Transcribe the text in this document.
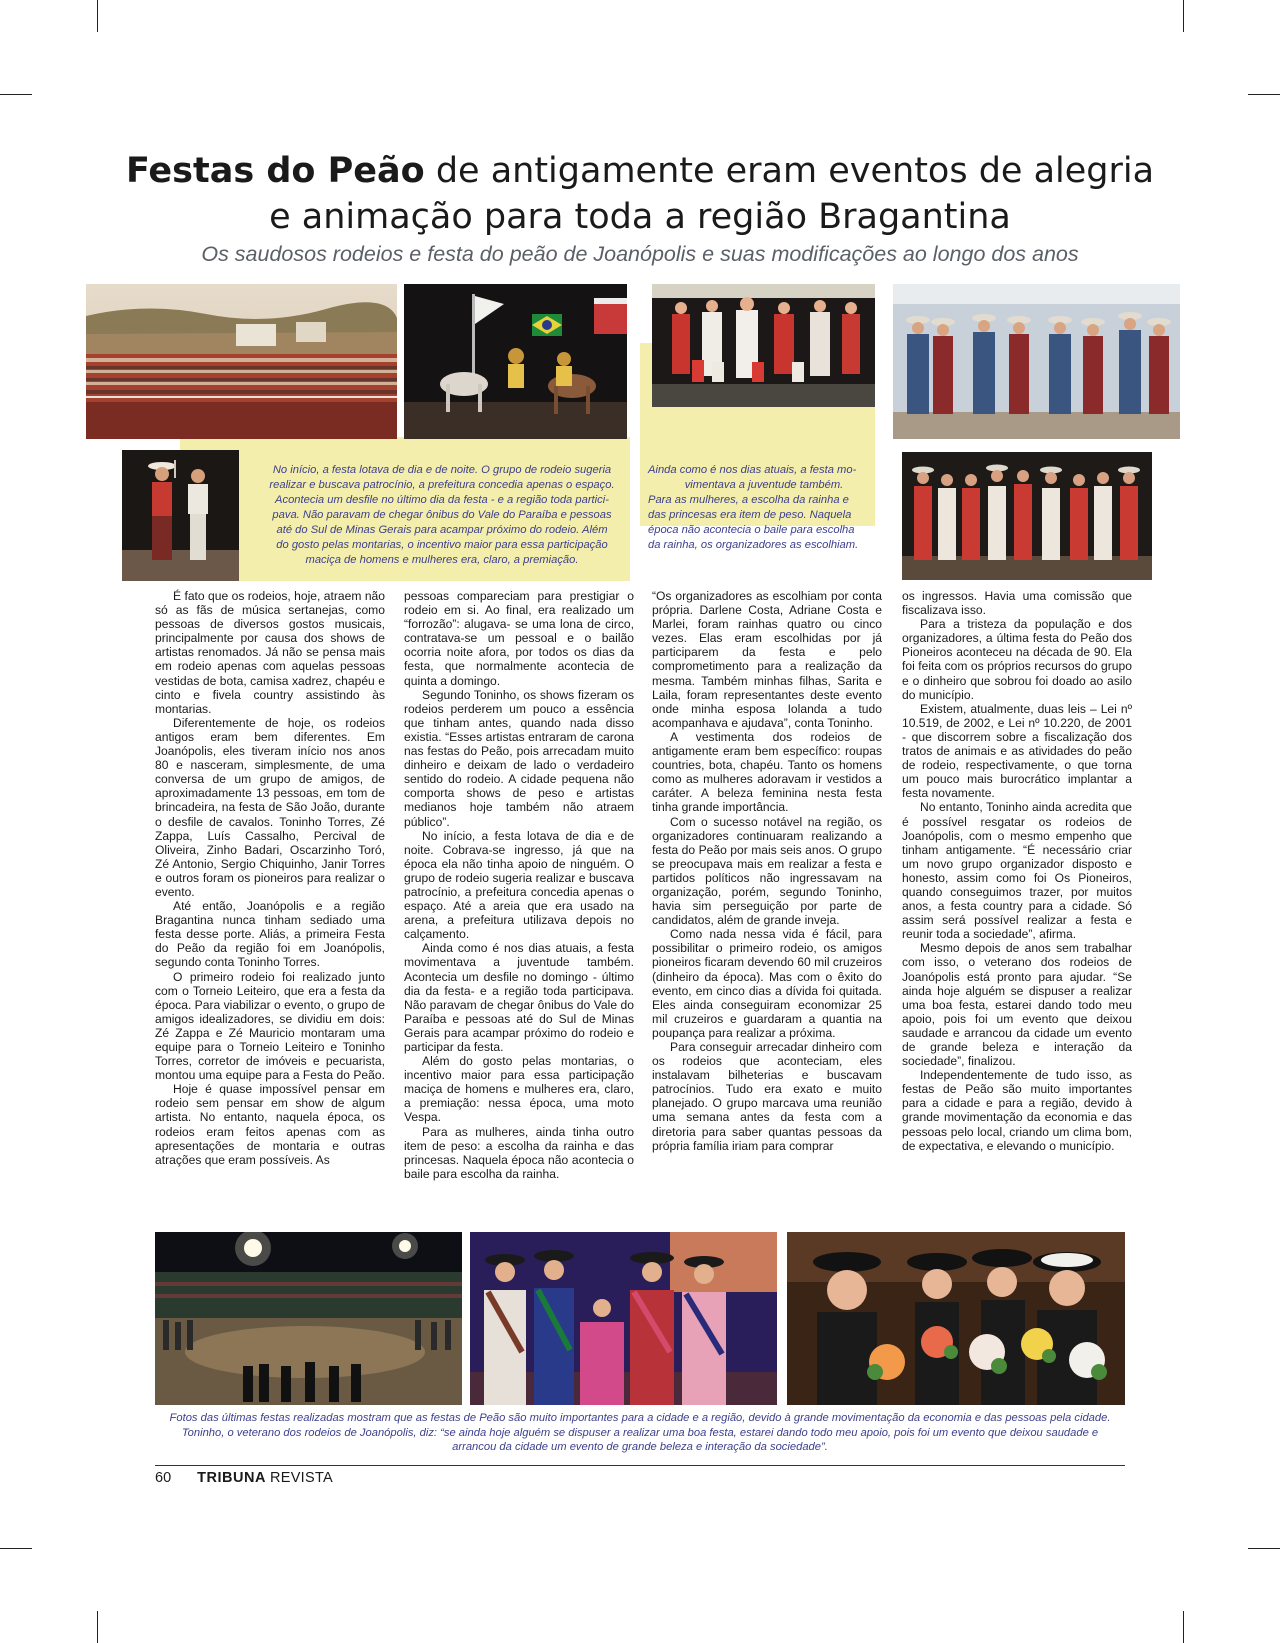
Festas do Peão de antigamente eram eventos de alegria
e animação para toda a região Bragantina
Os saudosos rodeios e festa do peão de Joanópolis e suas modificações ao longo dos anos

No início, a festa lotava de dia e de noite. O grupo de rodeio sugeria

realizar e buscava patrocínio, a prefeitura concedia apenas o espaço.

Acontecia um desfile no último dia da festa - e a região toda partici-

pava. Não paravam de chegar ônibus do Vale do Paraíba e pessoas

até do Sul de Minas Gerais para acampar próximo do rodeio. Além

do gosto pelas montarias, o incentivo maior para essa participação

maciça de homens e mulheres era, claro, a premiação.

Ainda como é nos dias atuais, a festa mo-

vimentava a juventude também.

Para as mulheres, a escolha da rainha e

das princesas era item de peso. Naquela

época não acontecia o baile para escolha

da rainha, os organizadores as escolhiam.

É fato que os rodeios, hoje, atraem não só as fãs de música sertanejas, como pessoas de diversos gostos musicais, principalmente por causa dos shows de artistas renomados. Já não se pensa mais em rodeio apenas com aquelas pessoas vestidas de bota, camisa xadrez, chapéu e cinto e fivela country assistindo às montarias.

Diferentemente de hoje, os rodeios antigos eram bem diferentes. Em Joanópolis, eles tiveram início nos anos 80 e nasceram, simplesmente, de uma conversa de um grupo de amigos, de aproximadamente 13 pessoas, em tom de brincadeira, na festa de São João, durante o desfile de cavalos. Toninho Torres, Zé Zappa, Luís Cassalho, Percival de Oliveira, Zinho Badari, Oscarzinho Toró, Zé Antonio, Sergio Chiquinho, Janir Torres e outros foram os pioneiros para realizar o evento.

Até então, Joanópolis e a região Bragantina nunca tinham sediado uma festa desse porte. Aliás, a primeira Festa do Peão da região foi em Joanópolis, segundo conta Toninho Torres.

O primeiro rodeio foi realizado junto com o Torneio Leiteiro, que era a festa da época. Para viabilizar o evento, o grupo de amigos idealizadores, se dividiu em dois: Zé Zappa e Zé Mauricio montaram uma equipe para o Torneio Leiteiro e Toninho Torres, corretor de imóveis e pecuarista, montou uma equipe para a Festa do Peão.

Hoje é quase impossível pensar em rodeio sem pensar em show de algum artista. No entanto, naquela época, os rodeios eram feitos apenas com as apresentações de montaria e outras atrações que eram possíveis. As

pessoas compareciam para prestigiar o rodeio em si. Ao final, era realizado um “forrozão”: alugava- se uma lona de circo, contratava-se um pessoal e o bailão ocorria noite afora, por todos os dias da festa, que normalmente acontecia de quinta a domingo.

Segundo Toninho, os shows fizeram os rodeios perderem um pouco a essência que tinham antes, quando nada disso existia. “Esses artistas entraram de carona nas festas do Peão, pois arrecadam muito dinheiro e deixam de lado o verdadeiro sentido do rodeio. A cidade pequena não comporta shows de peso e artistas medianos hoje também não atraem público”.

No início, a festa lotava de dia e de noite. Cobrava-se ingresso, já que na época ela não tinha apoio de ninguém. O grupo de rodeio sugeria realizar e buscava patrocínio, a prefeitura concedia apenas o espaço. Até a areia que era usado na arena, a prefeitura utilizava depois no calçamento.

Ainda como é nos dias atuais, a festa movimentava a juventude também. Acontecia um desfile no domingo - último dia da festa- e a região toda participava. Não paravam de chegar ônibus do Vale do Paraíba e pessoas até do Sul de Minas Gerais para acampar próximo do rodeio e participar da festa.

Além do gosto pelas montarias, o incentivo maior para essa participação maciça de homens e mulheres era, claro, a premiação: nessa época, uma moto Vespa.

Para as mulheres, ainda tinha outro item de peso: a escolha da rainha e das princesas. Naquela época não acontecia o baile para escolha da rainha.

“Os organizadores as escolhiam por conta própria. Darlene Costa, Adriane Costa e Marlei, foram rainhas quatro ou cinco vezes. Elas eram escolhidas por já participarem da festa e pelo comprometimento para a realização da mesma. Também minhas filhas, Sarita e Laila, foram representantes deste evento onde minha esposa Iolanda a tudo acompanhava e ajudava”, conta Toninho.

A vestimenta dos rodeios de antigamente eram bem específico: roupas countries, bota, chapéu. Tanto os homens como as mulheres adoravam ir vestidos a caráter. A beleza feminina nesta festa tinha grande importância.

Com o sucesso notável na região, os organizadores continuaram realizando a festa do Peão por mais seis anos. O grupo se preocupava mais em realizar a festa e partidos políticos não ingressavam na organização, porém, segundo Toninho, havia sim perseguição por parte de candidatos, além de grande inveja.

Como nada nessa vida é fácil, para possibilitar o primeiro rodeio, os amigos pioneiros ficaram devendo 60 mil cruzeiros (dinheiro da época). Mas com o êxito do evento, em cinco dias a dívida foi quitada. Eles ainda conseguiram economizar 25 mil cruzeiros e guardaram a quantia na poupança para realizar a próxima.

Para conseguir arrecadar dinheiro com os rodeios que aconteciam, eles instalavam bilheterias e buscavam patrocínios. Tudo era exato e muito planejado. O grupo marcava uma reunião uma semana antes da festa com a diretoria para saber quantas pessoas da própria família iriam para comprar

os ingressos. Havia uma comissão que fiscalizava isso.

Para a tristeza da população e dos organizadores, a última festa do Peão dos Pioneiros aconteceu na década de 90. Ela foi feita com os próprios recursos do grupo e o dinheiro que sobrou foi doado ao asilo do município.

Existem, atualmente, duas leis – Lei nº 10.519, de 2002, e Lei nº 10.220, de 2001 - que discorrem sobre a fiscalização dos tratos de animais e as atividades do peão de rodeio, respectivamente, o que torna um pouco mais burocrático implantar a festa novamente.

No entanto, Toninho ainda acredita que é possível resgatar os rodeios de Joanópolis, com o mesmo empenho que tinham antigamente. “É necessário criar um novo grupo organizador disposto e honesto, assim como foi Os Pioneiros, quando conseguimos trazer, por muitos anos, a festa country para a cidade. Só assim será possível realizar a festa e reunir toda a sociedade”, afirma.

Mesmo depois de anos sem trabalhar com isso, o veterano dos rodeios de Joanópolis está pronto para ajudar. “Se ainda hoje alguém se dispuser a realizar uma boa festa, estarei dando todo meu apoio, pois foi um evento que deixou saudade e arrancou da cidade um evento de grande beleza e interação da sociedade”, finalizou.

Independentemente de tudo isso, as festas de Peão são muito importantes para a cidade e para a região, devido à grande movimentação da economia e das pessoas pelo local, criando um clima bom, de expectativa, e elevando o município.

Fotos das últimas festas realizadas mostram que as festas de Peão são muito importantes para a cidade e a região, devido à grande movimentação da economia e das pessoas pela cidade. Toninho, o veterano dos rodeios de Joanópolis, diz: “se ainda hoje alguém se dispuser a realizar uma boa festa, estarei dando todo meu apoio, pois foi um evento que deixou saudade e arrancou da cidade um evento de grande beleza e interação da sociedade”.
60 TRIBUNA REVISTA
